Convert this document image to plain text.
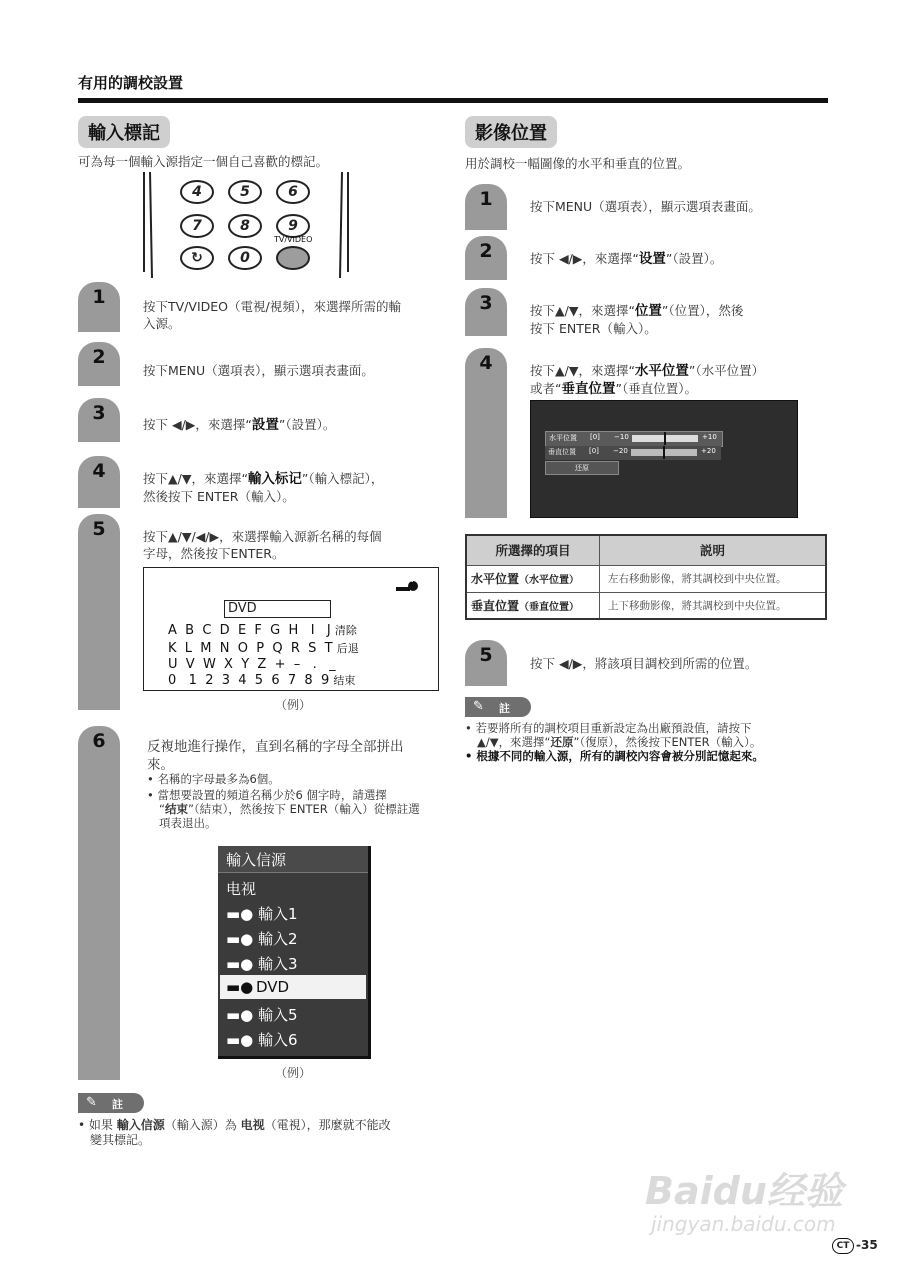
有用的調校設置
輸入標記
可為每一個輸入源指定一個自己喜歡的標記。
4	5	6
7	8	9
↻	0
TV/VIDEO
1
2
3
4
5
6
按下TV/VIDEO（電視/視頻），來選擇所需的輸
入源。
按下MENU（選項表），顯示選項表畫面。
按下 ◀/▶，來選擇“設置”（設置）。
按下▲/▼，來選擇“輸入标记”（輸入標記），
然後按下 ENTER（輸入）。
按下▲/▼/◀/▶，來選擇輸入源新名稱的每個
字母，然後按下ENTER。
4
DVD
A  B  C  D  E  F  G  H   I   J 清除
K  L  M  N  O  P  Q  R  S  T 后退
U  V  W  X  Y  Z  +  –   .   _
0   1  2  3  4  5  6  7  8  9 结束
（例）
反複地進行操作，直到名稱的字母全部拼出
來。
• 名稱的字母最多為6個。
• 當想要設置的頻道名稱少於6 個字時，請選擇
“结束”（結束），然後按下 ENTER（輸入）從標註選
項表退出。
輸入信源
电视
▬● 輸入1
▬● 輸入2
▬● 輸入3
▬● DVD
▬● 輸入5
▬● 輸入6
（例）
✎ 註
• 如果 輸入信源（輸入源）為 电视（電視），那麼就不能改
變其標記。
影像位置
用於調校一幅圖像的水平和垂直的位置。
1
2
3
4
5
按下MENU（選項表），顯示選項表畫面。
按下 ◀/▶，來選擇“设置”（設置）。
按下▲/▼，來選擇“位置”（位置），然後
按下 ENTER（輸入）。
按下▲/▼，來選擇“水平位置”（水平位置）
或者“垂直位置”（垂直位置）。
水平位置 [0] −10	+10
垂直位置 [0] −20	+20
还原
所選擇的項目	説明
水平位置（水平位置）	左右移動影像，將其調校到中央位置。
垂直位置（垂直位置）	上下移動影像，將其調校到中央位置。
按下 ◀/▶，將該項目調校到所需的位置。
✎ 註
• 若要將所有的調校項目重新設定為出廠預設值，請按下
▲/▼，來選擇“还原”（復原），然後按下ENTER（輸入）。
• 根據不同的輸入源，所有的調校內容會被分別記憶起來。
Baidu经验
jingyan.baidu.com
CT -35
